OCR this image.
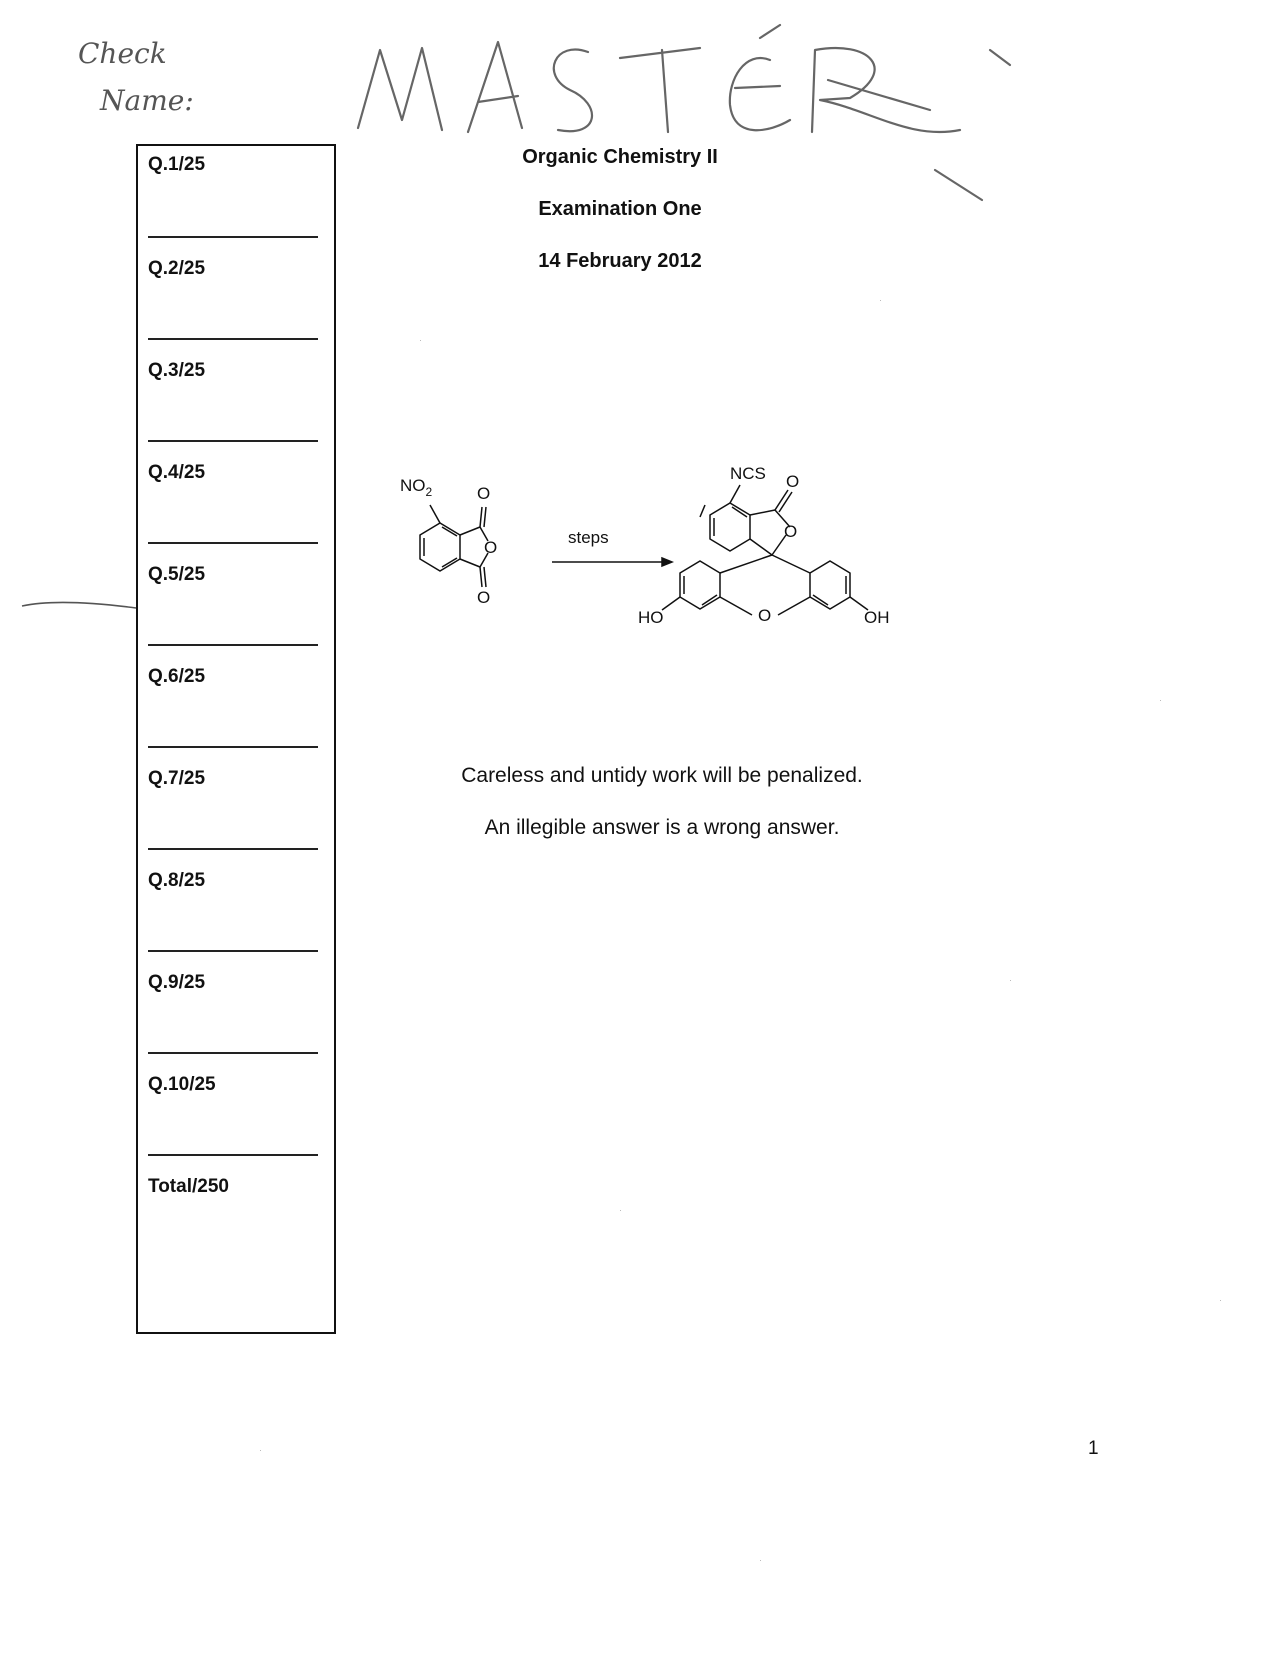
Check
Name:
Q.1/25
Q.2/25
Q.3/25
Q.4/25
Q.5/25
Q.6/25
Q.7/25
Q.8/25
Q.9/25
Q.10/25
Total/250
Organic Chemistry II
Examination One
14 February 2012
$NO_2$	O
O
O
steps
NCS O
O
O
HO	OH
Careless and untidy work will be penalized.
An illegible answer is a wrong answer.
1
